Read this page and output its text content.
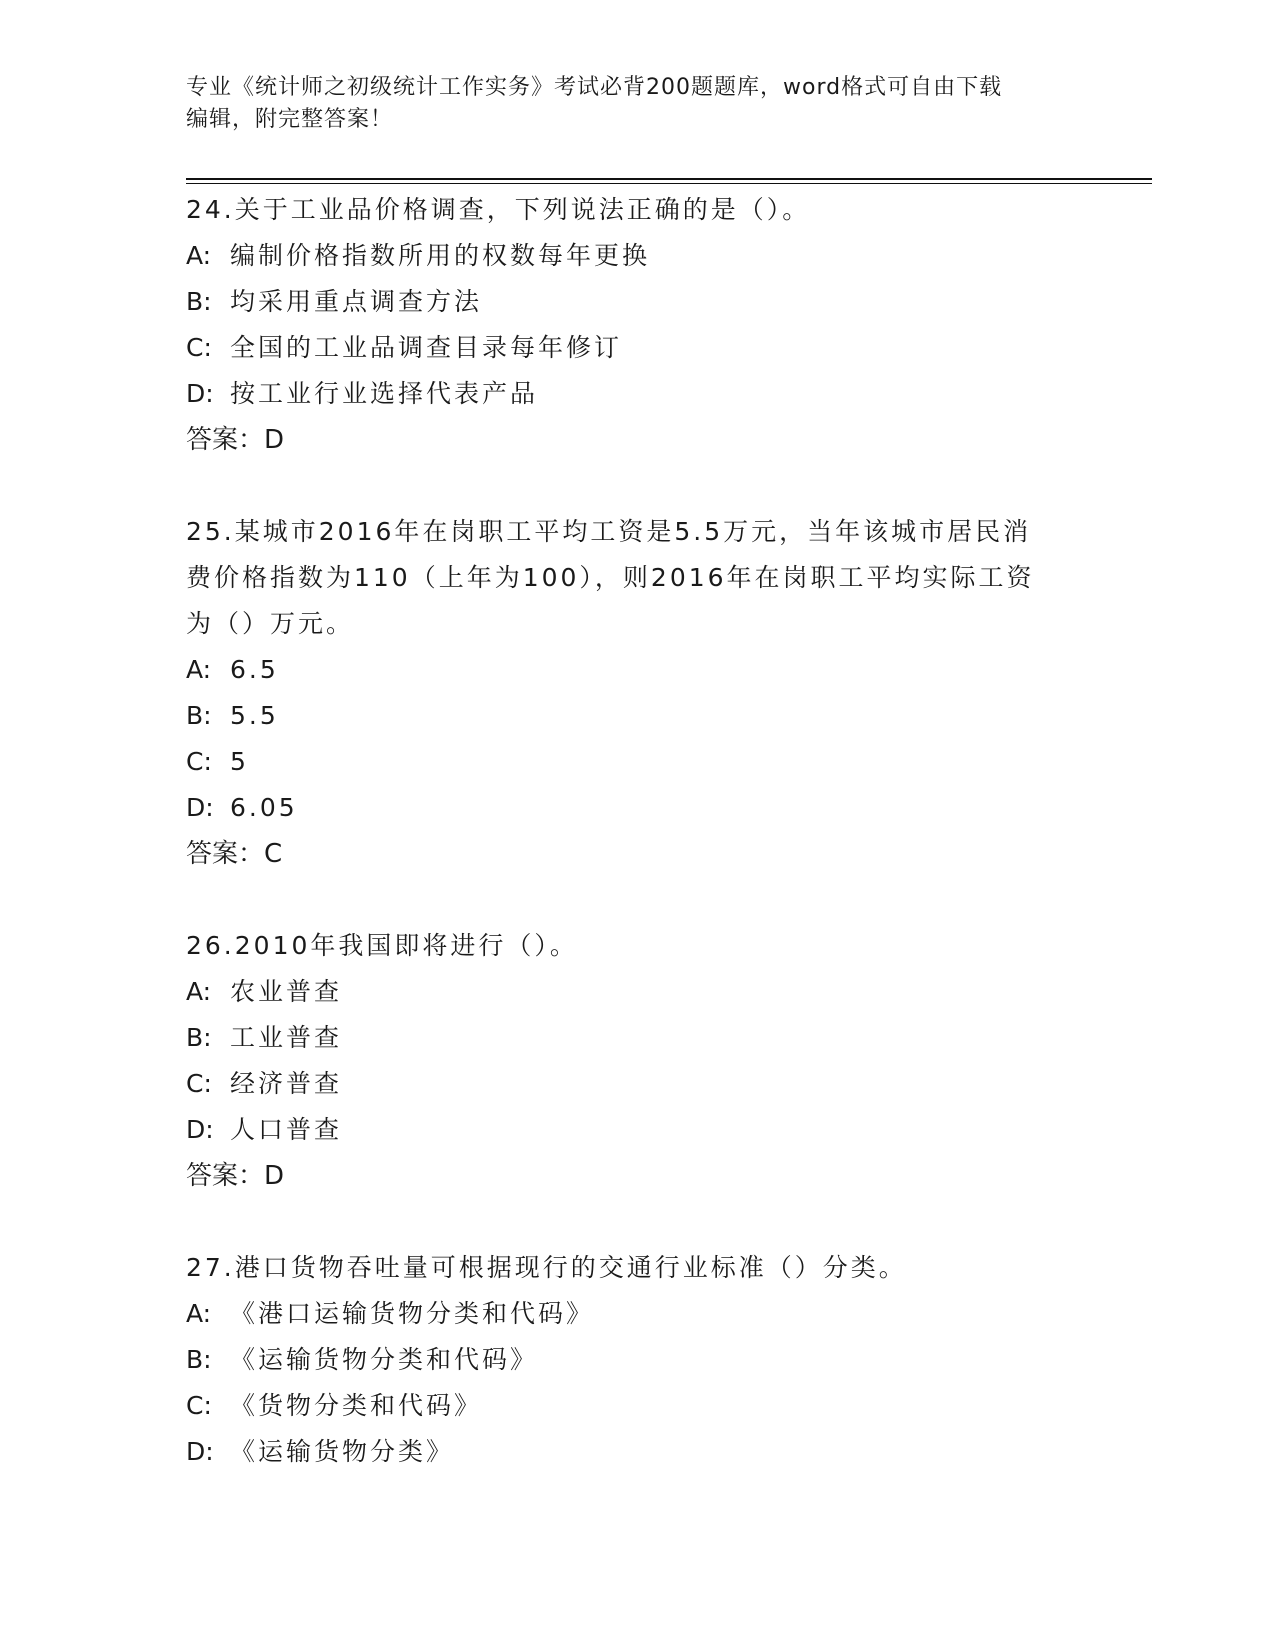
专业《统计师之初级统计工作实务》考试必背200题题库，word格式可自由下载
编辑，附完整答案！

24.关于工业品价格调查，下列说法正确的是（）。

A: 编制价格指数所用的权数每年更换

B: 均采用重点调查方法

C: 全国的工业品调查目录每年修订

D: 按工业行业选择代表产品

答案：D

25.某城市2016年在岗职工平均工资是5.5万元，当年该城市居民消

费价格指数为110（上年为100），则2016年在岗职工平均实际工资

为（）万元。

A: 6.5

B: 5.5

C: 5

D: 6.05

答案：C

26.2010年我国即将进行（）。

A: 农业普查

B: 工业普查

C: 经济普查

D: 人口普查

答案：D

27.港口货物吞吐量可根据现行的交通行业标准（）分类。

A: 《港口运输货物分类和代码》

B: 《运输货物分类和代码》

C: 《货物分类和代码》

D: 《运输货物分类》
